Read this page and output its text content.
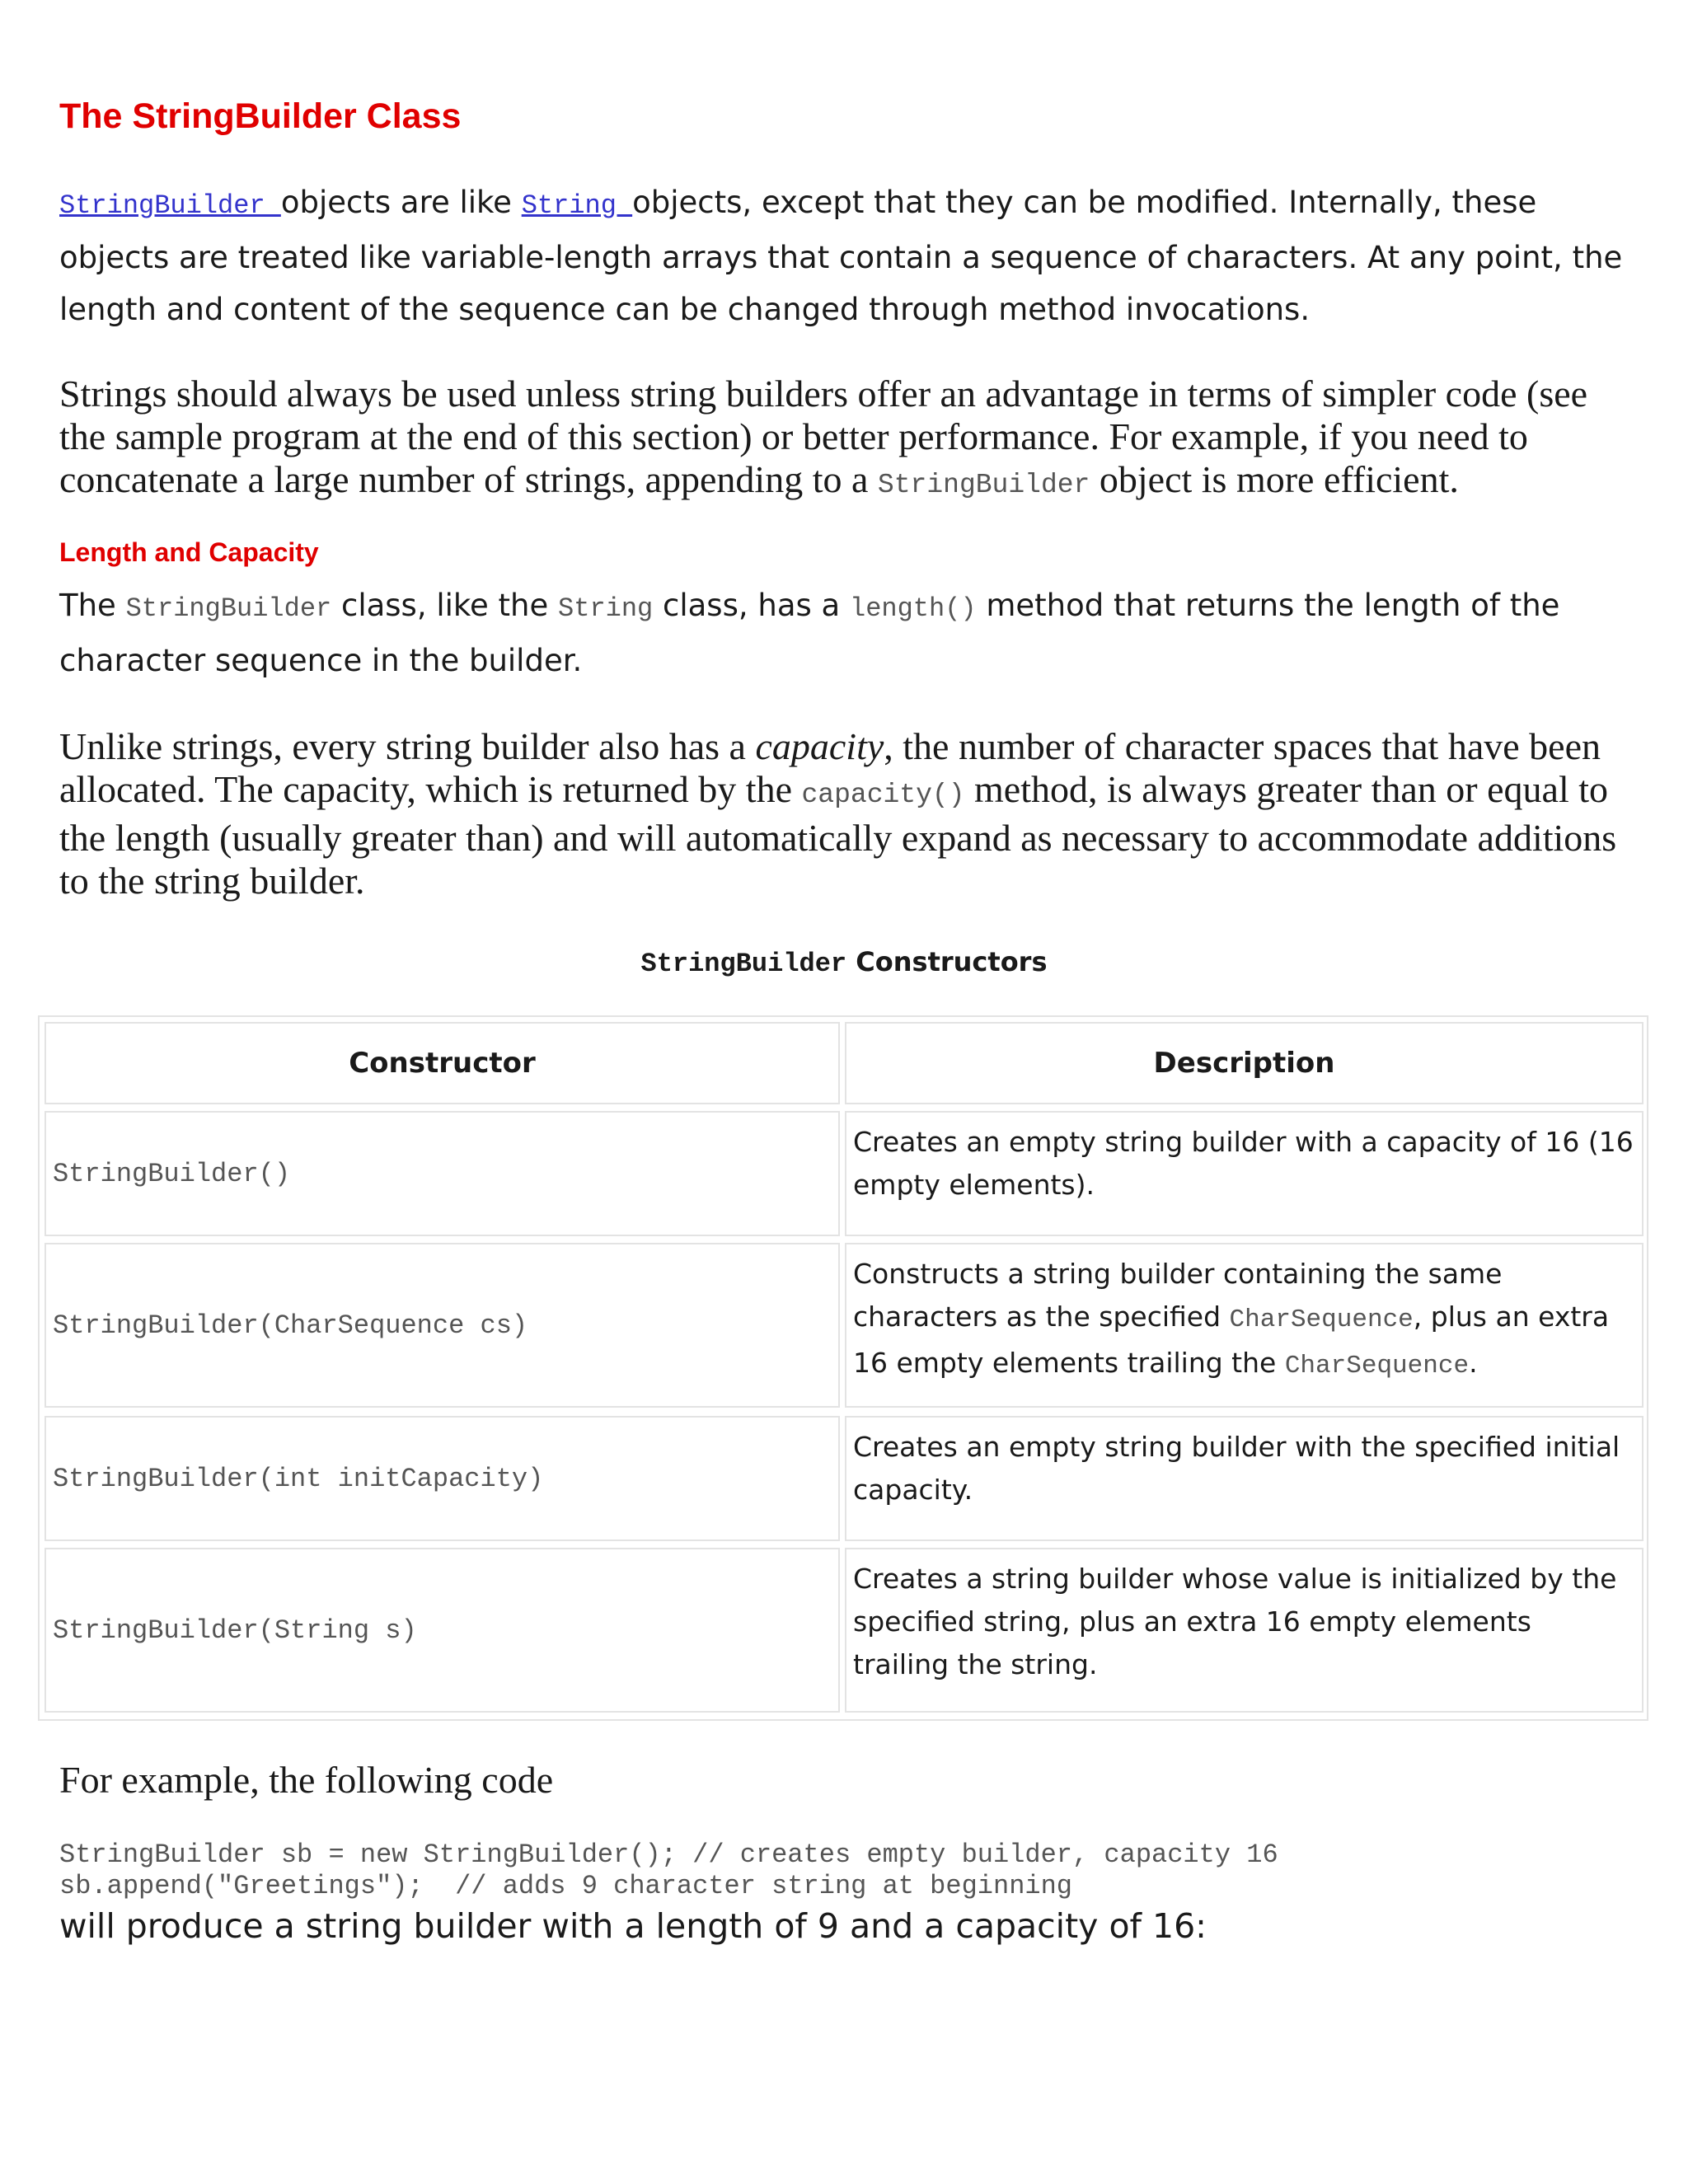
The StringBuilder Class

StringBuilder objects are like String objects, except that they can be modified. Internally, these objects are treated like variable-length arrays that contain a sequence of characters. At any point, the length and content of the sequence can be changed through method invocations.

Strings should always be used unless string builders offer an advantage in terms of simpler code (see the sample program at the end of this section) or better performance. For example, if you need to concatenate a large number of strings, appending to a StringBuilder object is more efficient.

Length and Capacity

The StringBuilder class, like the String class, has a length() method that returns the length of the character sequence in the builder.

Unlike strings, every string builder also has a capacity, the number of character spaces that have been allocated. The capacity, which is returned by the capacity() method, is always greater than or equal to the length (usually greater than) and will automatically expand as necessary to accommodate additions to the string builder.

StringBuilder Constructors

Constructor	Description
StringBuilder()
Creates an empty string builder with a capacity of 16 (16 empty elements).
StringBuilder(CharSequence cs)
Constructs a string builder containing the same characters as the specified CharSequence, plus an extra 16 empty elements trailing the CharSequence.
StringBuilder(int initCapacity)
Creates an empty string builder with the specified initial capacity.
StringBuilder(String s)
Creates a string builder whose value is initialized by the specified string, plus an extra 16 empty elements trailing the string.

For example, the following code

StringBuilder sb = new StringBuilder(); // creates empty builder, capacity 16
sb.append("Greetings");  // adds 9 character string at beginning

will produce a string builder with a length of 9 and a capacity of 16:
